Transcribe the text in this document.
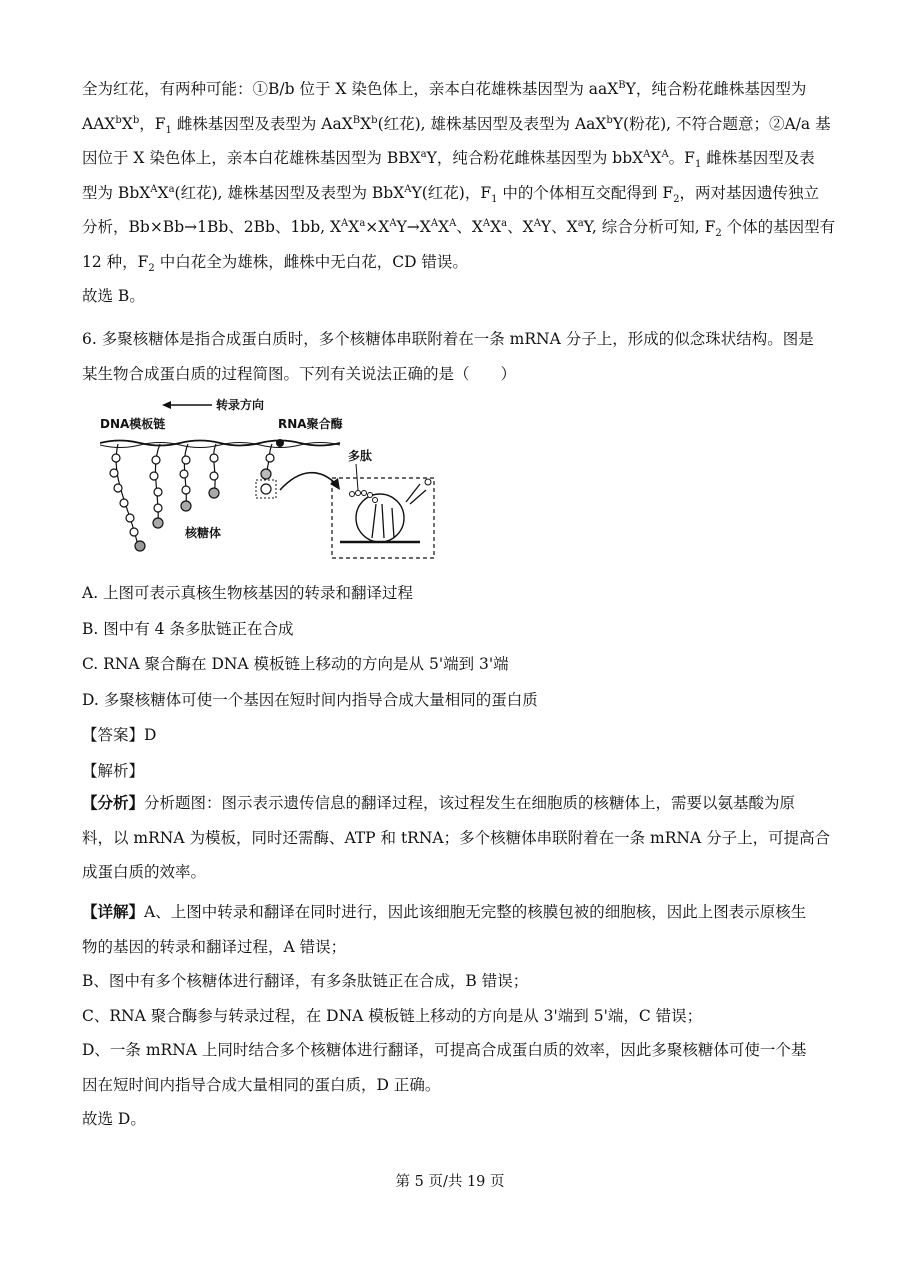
全为红花，有两种可能：①B/b 位于 X 染色体上，亲本白花雄株基因型为 aaX$^B$Y，纯合粉花雌株基因型为
$AAX^bX^b$，$F_1$ 雌株基因型及表型为 $AaX^BX^b$(红花), 雄株基因型及表型为 AaX$^b$Y(粉花), 不符合题意；②A/a 基
因位于 X 染色体上，亲本白花雄株基因型为 BBX$^a$Y，纯合粉花雌株基因型为 $bbX^AX^A$。$F_1$ 雌株基因型及表
型为 $BbX^AX^a$(红花), 雄株基因型及表型为 BbX$^A$Y(红花)，$F_1$ 中的个体相互交配得到 $F_2$，两对基因遗传独立
分析，Bb×Bb→1Bb、2Bb、1bb, $X^AX^a\times X^AY\to X^AX^A$、$X^AX^a$、$X^AY$、$X^aY$, 综合分析可知, $F_2$ 个体的基因型有
12 种，$F_2$ 中白花全为雄株，雌株中无白花，CD 错误。
故选 B。
6. 多聚核糖体是指合成蛋白质时，多个核糖体串联附着在一条 mRNA 分子上，形成的似念珠状结构。图是
某生物合成蛋白质的过程简图。下列有关说法正确的是（　　）
转录方向
DNA模板链	RNA聚合酶
核糖体
多肽
A. 上图可表示真核生物核基因的转录和翻译过程
B. 图中有 4 条多肽链正在合成
C. RNA 聚合酶在 DNA 模板链上移动的方向是从 5'端到 3'端
D. 多聚核糖体可使一个基因在短时间内指导合成大量相同的蛋白质
【答案】D
【解析】
【分析】分析题图：图示表示遗传信息的翻译过程，该过程发生在细胞质的核糖体上，需要以氨基酸为原
料，以 mRNA 为模板，同时还需酶、ATP 和 tRNA；多个核糖体串联附着在一条 mRNA 分子上，可提高合
成蛋白质的效率。
【详解】A、上图中转录和翻译在同时进行，因此该细胞无完整的核膜包被的细胞核，因此上图表示原核生
物的基因的转录和翻译过程，A 错误；
B、图中有多个核糖体进行翻译，有多条肽链正在合成，B 错误；
C、RNA 聚合酶参与转录过程，在 DNA 模板链上移动的方向是从 3'端到 5'端，C 错误；
D、一条 mRNA 上同时结合多个核糖体进行翻译，可提高合成蛋白质的效率，因此多聚核糖体可使一个基
因在短时间内指导合成大量相同的蛋白质，D 正确。
故选 D。
第 5 页/共 19 页
